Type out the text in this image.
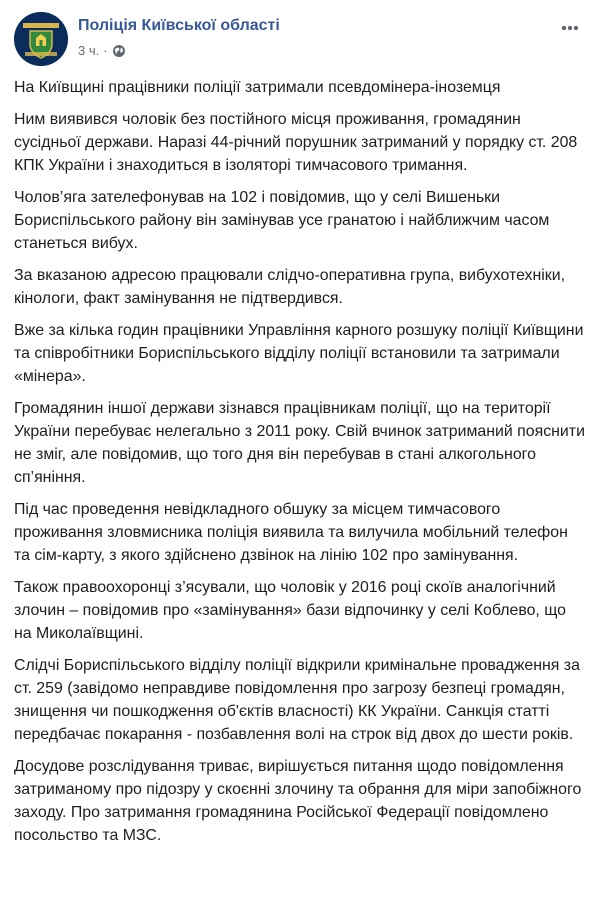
Поліція Київської області
3 ч. ·

На Київщині працівники поліції затримали псевдомінера-іноземця

Ним виявився чоловік без постійного місця проживання, громадянин сусідньої держави. Наразі 44-річний порушник затриманий у порядку ст. 208 КПК України і знаходиться в ізоляторі тимчасового тримання.

Чолов’яга зателефонував на 102 і повідомив, що у селі Вишеньки Бориспільського району він замінував усе гранатою і найближчим часом станеться вибух.

За вказаною адресою працювали слідчо-оперативна група, вибухотехніки, кінологи, факт замінування не підтвердився.

Вже за кілька годин працівники Управління карного розшуку поліції Київщини та співробітники Бориспільського відділу поліції встановили та затримали «мінера».

Громадянин іншої держави зізнався працівникам поліції, що на території України перебуває нелегально з 2011 року. Свій вчинок затриманий пояснити не зміг, але повідомив, що того дня він перебував в стані алкогольного сп’яніння.

Під час проведення невідкладного обшуку за місцем тимчасового проживання зловмисника поліція виявила та вилучила мобільний телефон та сім-карту, з якого здійснено дзвінок на лінію 102 про замінування.

Також правоохоронці з’ясували, що чоловік у 2016 році скоїв аналогічний злочин – повідомив про «замінування» бази відпочинку у селі Коблево, що на Миколаївщині.

Слідчі Бориспільського відділу поліції відкрили кримінальне провадження за ст. 259 (завідомо неправдиве повідомлення про загрозу безпеці громадян, знищення чи пошкодження об'єктів власності) КК України. Санкція статті передбачає покарання - позбавлення волі на строк від двох до шести років.

Досудове розслідування триває, вирішується питання щодо повідомлення затриманому про підозру у скоєнні злочину та обрання для міри запобіжного заходу. Про затримання громадянина Російської Федерації повідомлено посольство та МЗС.
